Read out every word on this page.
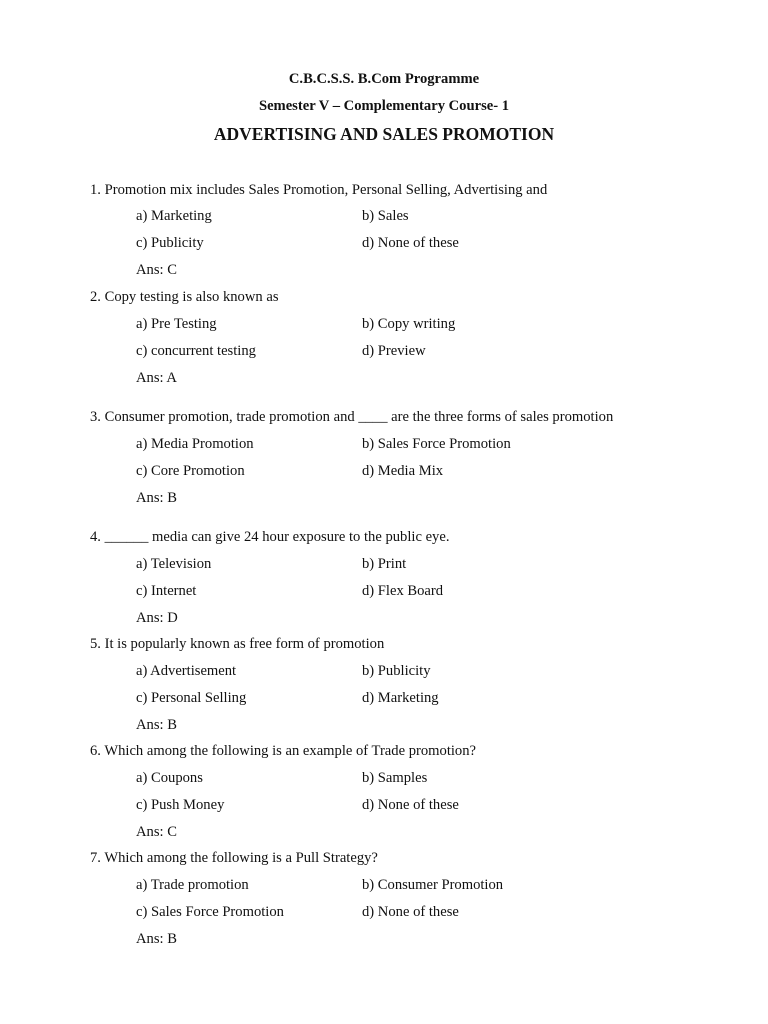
C.B.C.S.S. B.Com Programme
Semester V – Complementary Course- 1
ADVERTISING AND SALES PROMOTION
1. Promotion mix includes Sales Promotion, Personal Selling, Advertising and
a) Marketing	b) Sales
c) Publicity	d) None of these
Ans: C
2. Copy testing is also known as
a) Pre Testing	b) Copy writing
c) concurrent testing	d) Preview
Ans: A
3. Consumer promotion, trade promotion and ____ are the three forms of sales promotion
a) Media Promotion	b) Sales Force Promotion
c) Core Promotion	d) Media Mix
Ans: B
4. ______ media can give 24 hour exposure to the public eye.
a) Television	b) Print
c) Internet	d) Flex Board
Ans: D
5. It is popularly known as free form of promotion
a) Advertisement	b) Publicity
c) Personal Selling	d) Marketing
Ans: B
6. Which among the following is an example of Trade promotion?
a) Coupons	b) Samples
c) Push Money	d) None of these
Ans: C
7. Which among the following is a Pull Strategy?
a) Trade promotion	b) Consumer Promotion
c) Sales Force Promotion	d) None of these
Ans: B
